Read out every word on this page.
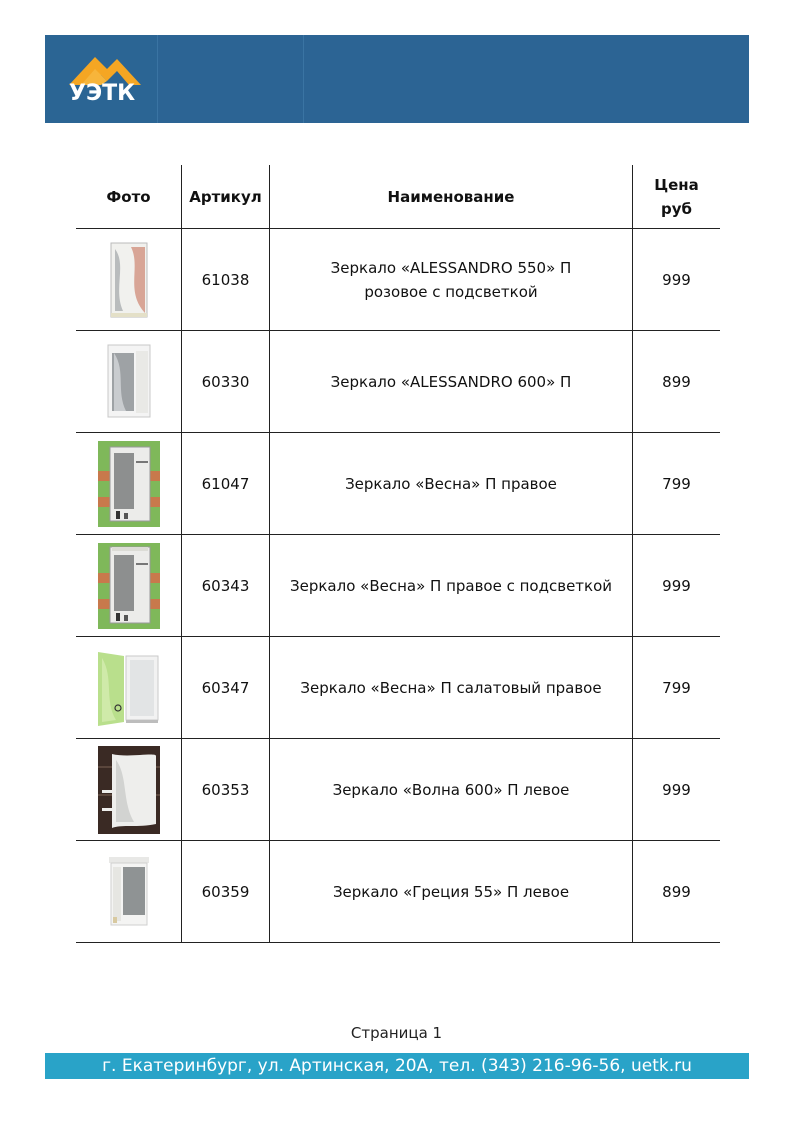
УЭТК
Фото	Артикул	Наименование	Цена руб

	61038	Зеркало «ALESSANDRO 550» П розовое с подсветкой	999

	60330	Зеркало «ALESSANDRO 600» П	899

	61047	Зеркало «Весна» П правое	799

	60343	Зеркало «Весна» П правое с подсветкой	999

	60347	Зеркало «Весна» П салатовый правое	799

	60353	Зеркало «Волна 600» П левое	999

	60359	Зеркало «Греция 55» П левое	899
Страница 1
г. Екатеринбург, ул. Артинская, 20А, тел. (343) 216-96-56, uetk.ru
